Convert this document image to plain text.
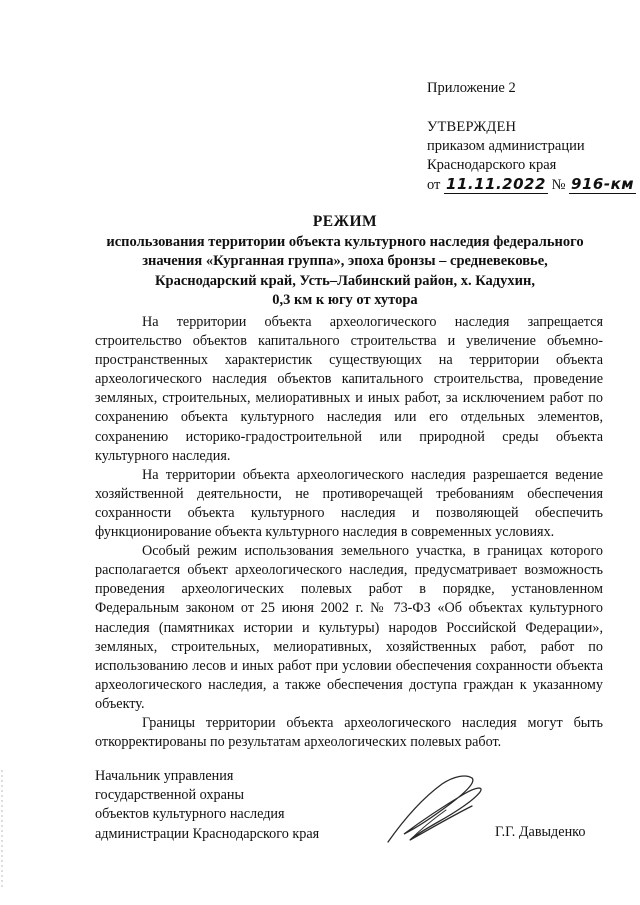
Приложение 2
УТВЕРЖДЕН
приказом администрации
Краснодарского края
от 11.11.2022 № 916-км
РЕЖИМ
использования территории объекта культурного наследия федерального
значения «Курганная группа», эпоха бронзы – средневековье,
Краснодарский край, Усть–Лабинский район, х. Кадухин,
0,3 км к югу от хутора

На территории объекта археологического наследия запрещается строительство объектов капитального строительства и увеличение объемно-пространственных характеристик существующих на территории объекта археологического наследия объектов капитального строительства, проведение земляных, строительных, мелиоративных и иных работ, за исключением работ по сохранению объекта культурного наследия или его отдельных элементов, сохранению историко-градостроительной или природной среды объекта культурного наследия.

На территории объекта археологического наследия разрешается ведение хозяйственной деятельности, не противоречащей требованиям обеспечения сохранности объекта культурного наследия и позволяющей обеспечить функционирование объекта культурного наследия в современных условиях.

Особый режим использования земельного участка, в границах которого располагается объект археологического наследия, предусматривает возможность проведения археологических полевых работ в порядке, установленном Федеральным законом от 25 июня 2002 г. № 73-ФЗ «Об объектах культурного наследия (памятниках истории и культуры) народов Российской Федерации», земляных, строительных, мелиоративных, хозяйственных работ, работ по использованию лесов и иных работ при условии обеспечения сохранности объекта археологического наследия, а также обеспечения доступа граждан к указанному объекту.

Границы территории объекта археологического наследия могут быть откорректированы по результатам археологических полевых работ.

Начальник управления
государственной охраны
объектов культурного наследия
администрации Краснодарского края	Г.Г. Давыденко
